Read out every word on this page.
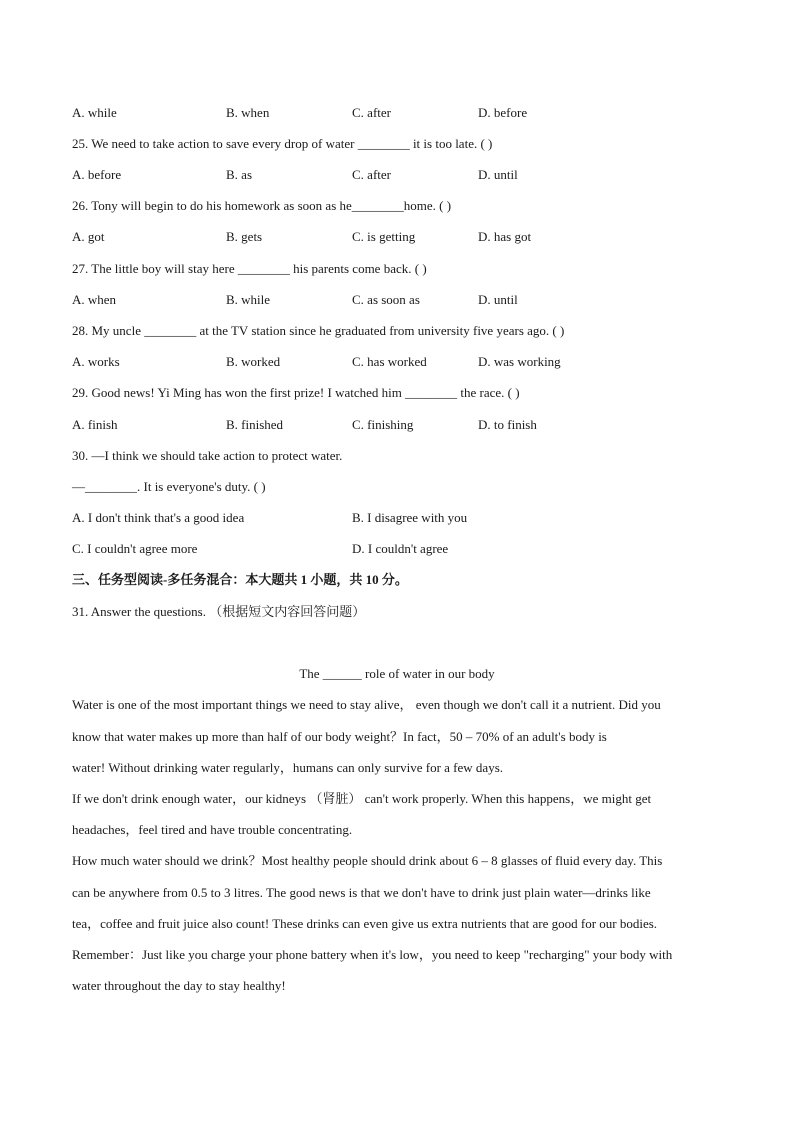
A. while	B. when	C. after	D. before
25. We need to take action to save every drop of water ________ it is too late. ( )
A. before	B. as	C. after	D. until
26. Tony will begin to do his homework as soon as he________home. ( )
A. got	B. gets	C. is getting	D. has got
27. The little boy will stay here ________ his parents come back. ( )
A. when	B. while	C. as soon as	D. until
28. My uncle ________ at the TV station since he graduated from university five years ago. ( )
A. works	B. worked	C. has worked	D. was working
29. Good news! Yi Ming has won the first prize! I watched him ________ the race. ( )
A. finish	B. finished	C. finishing	D. to finish
30. —I think we should take action to protect water.
—________. It is everyone's duty. ( )
A. I don't think that's a good idea	B. I disagree with you
C. I couldn't agree more	D. I couldn't agree
三、任务型阅读-多任务混合：本大题共 1 小题，共 10 分。
31. Answer the questions. （根据短文内容回答问题）
The ______ role of water in our body
Water is one of the most important things we need to stay alive， even though we don't call it a nutrient. Did you
know that water makes up more than half of our body weight？In fact，50 – 70% of an adult's body is
water! Without drinking water regularly，humans can only survive for a few days.
If we don't drink enough water，our kidneys （肾脏） can't work properly. When this happens，we might get
headaches，feel tired and have trouble concentrating.
How much water should we drink？Most healthy people should drink about 6 – 8 glasses of fluid every day. This
can be anywhere from 0.5 to 3 litres. The good news is that we don't have to drink just plain water—drinks like
tea，coffee and fruit juice also count! These drinks can even give us extra nutrients that are good for our bodies.
Remember：Just like you charge your phone battery when it's low，you need to keep "recharging" your body with
water throughout the day to stay healthy!
